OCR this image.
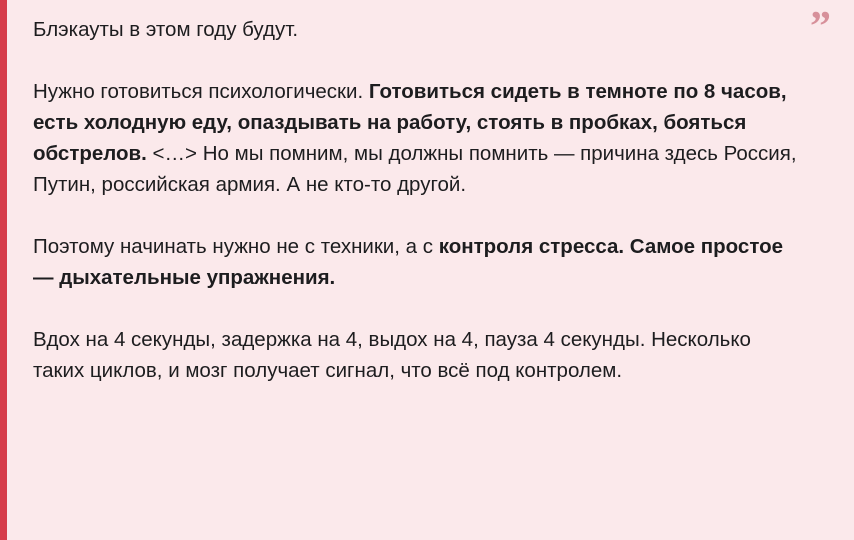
”

Блэкауты в этом году будут.

Нужно готовиться психологически. Готовиться сидеть в темноте по 8 часов, есть холодную еду, опаздывать на работу, стоять в пробках, бояться обстрелов. <…> Но мы помним, мы должны помнить — причина здесь Россия, Путин, российская армия. А не кто-то другой.

Поэтому начинать нужно не с техники, а с контроля стресса. Самое простое — дыхательные упражнения.

Вдох на 4 секунды, задержка на 4, выдох на 4, пауза 4 секунды. Несколько таких циклов, и мозг получает сигнал, что всё под контролем.
